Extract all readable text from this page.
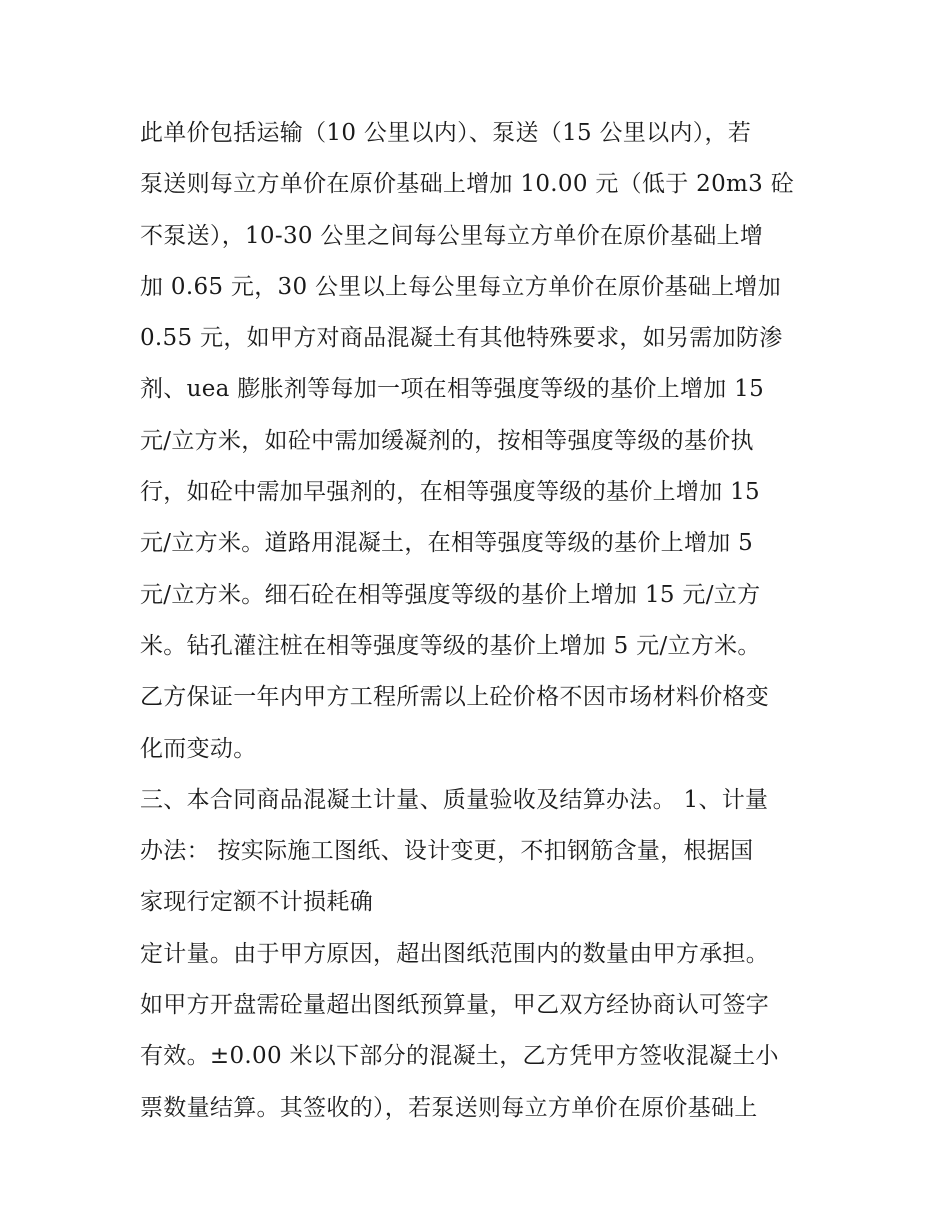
此单价包括运输（10 公里以内）、泵送（15 公里以内），若
泵送则每立方单价在原价基础上增加 10.00 元（低于 20m3 砼
不泵送），10-30 公里之间每公里每立方单价在原价基础上增
加 0.65 元，30 公里以上每公里每立方单价在原价基础上增加
0.55 元，如甲方对商品混凝土有其他特殊要求，如另需加防渗
剂、uea 膨胀剂等每加一项在相等强度等级的基价上增加 15
元/立方米，如砼中需加缓凝剂的，按相等强度等级的基价执
行，如砼中需加早强剂的，在相等强度等级的基价上增加 15
元/立方米。道路用混凝土，在相等强度等级的基价上增加 5
元/立方米。细石砼在相等强度等级的基价上增加 15 元/立方
米。钻孔灌注桩在相等强度等级的基价上增加 5 元/立方米。
乙方保证一年内甲方工程所需以上砼价格不因市场材料价格变
化而变动。
三、本合同商品混凝土计量、质量验收及结算办法。 1、计量
办法： 按实际施工图纸、设计变更，不扣钢筋含量，根据国
家现行定额不计损耗确
定计量。由于甲方原因，超出图纸范围内的数量由甲方承担。
如甲方开盘需砼量超出图纸预算量，甲乙双方经协商认可签字
有效。±0.00 米以下部分的混凝土，乙方凭甲方签收混凝土小
票数量结算。其签收的），若泵送则每立方单价在原价基础上
